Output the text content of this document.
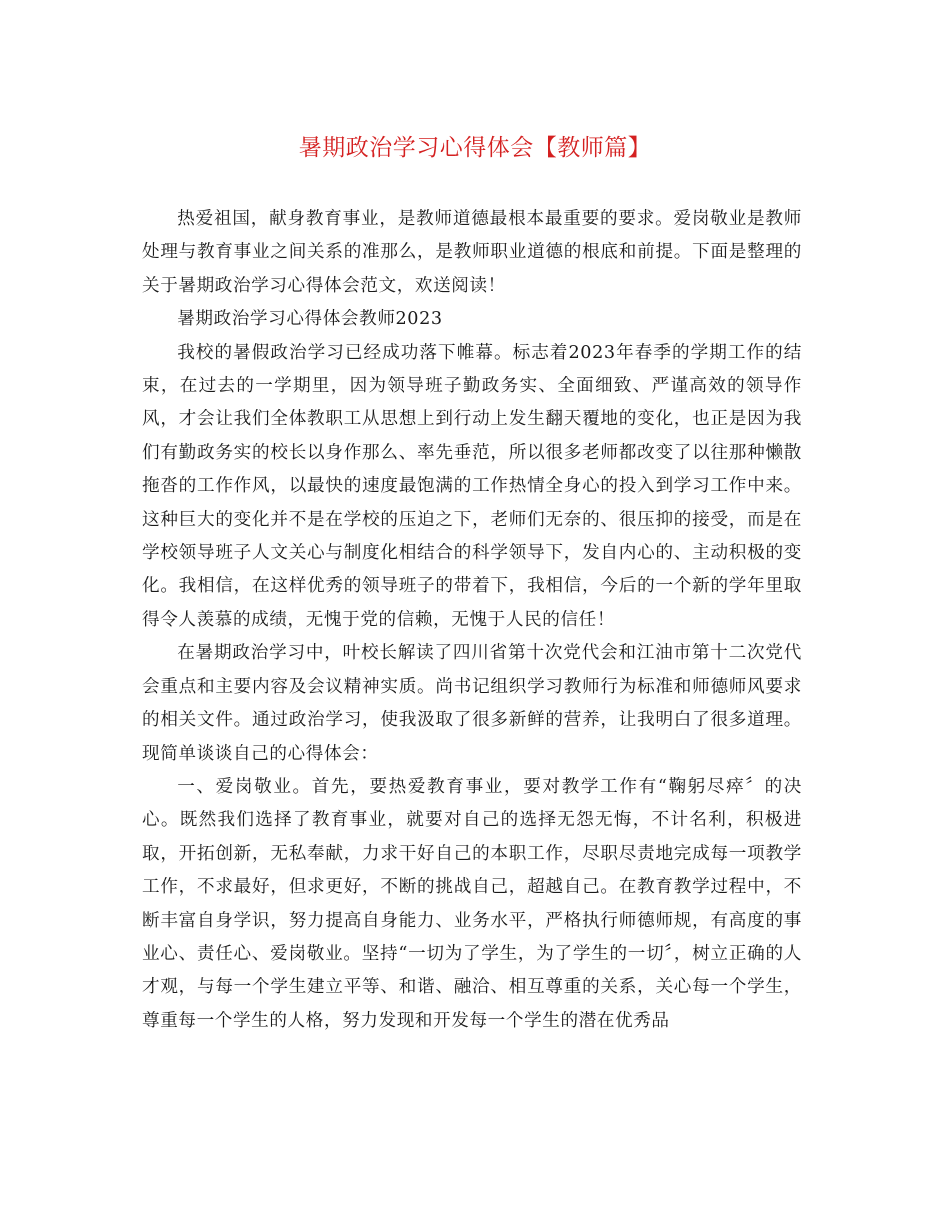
暑期政治学习心得体会【教师篇】

热爱祖国，献身教育事业，是教师道德最根本最重要的要求。爱岗敬业是教师处理与教育事业之间关系的准那么，是教师职业道德的根底和前提。下面是整理的关于暑期政治学习心得体会范文，欢送阅读！

暑期政治学习心得体会教师2023

我校的暑假政治学习已经成功落下帷幕。标志着2023年春季的学期工作的结束，在过去的一学期里，因为领导班子勤政务实、全面细致、严谨高效的领导作风，才会让我们全体教职工从思想上到行动上发生翻天覆地的变化，也正是因为我们有勤政务实的校长以身作那么、率先垂范，所以很多老师都改变了以往那种懒散拖沓的工作作风，以最快的速度最饱满的工作热情全身心的投入到学习工作中来。这种巨大的变化并不是在学校的压迫之下，老师们无奈的、很压抑的接受，而是在学校领导班子人文关心与制度化相结合的科学领导下，发自内心的、主动积极的变化。我相信，在这样优秀的领导班子的带着下，我相信，今后的一个新的学年里取得令人羡慕的成绩，无愧于党的信赖，无愧于人民的信任！

在暑期政治学习中，叶校长解读了四川省第十次党代会和江油市第十二次党代会重点和主要内容及会议精神实质。尚书记组织学习教师行为标准和师德师风要求的相关文件。通过政治学习，使我汲取了很多新鲜的营养，让我明白了很多道理。现简单谈谈自己的心得体会：

一、爱岗敬业。首先，要热爱教育事业，要对教学工作有“鞠躬尽瘁〞的决心。既然我们选择了教育事业，就要对自己的选择无怨无悔，不计名利，积极进取，开拓创新，无私奉献，力求干好自己的本职工作，尽职尽责地完成每一项教学工作，不求最好，但求更好，不断的挑战自己，超越自己。在教育教学过程中，不断丰富自身学识，努力提高自身能力、业务水平，严格执行师德师规，有高度的事业心、责任心、爱岗敬业。坚持“一切为了学生，为了学生的一切〞，树立正确的人才观，与每一个学生建立平等、和谐、融洽、相互尊重的关系，关心每一个学生，尊重每一个学生的人格，努力发现和开发每一个学生的潜在优秀品
